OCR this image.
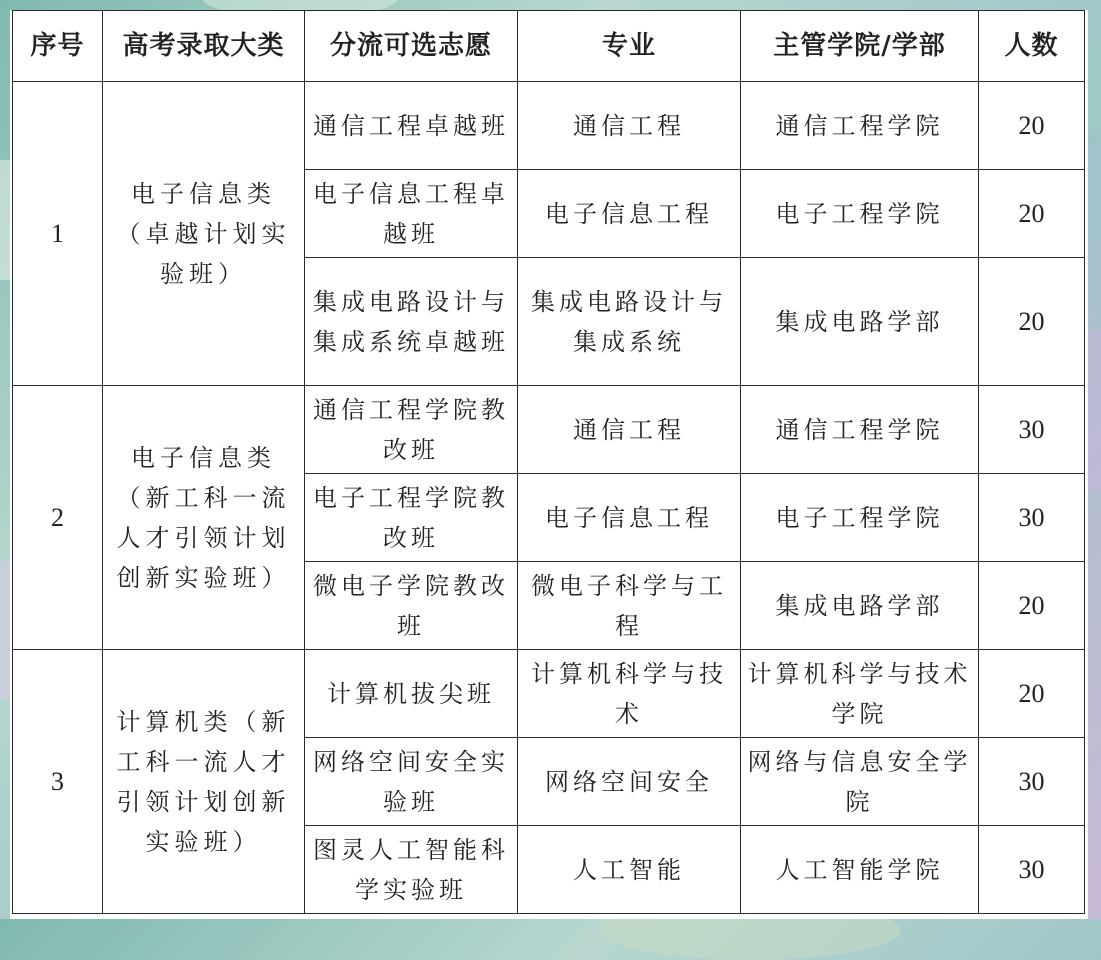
序号	高考录取大类	分流可选志愿	专业	主管学院/学部	人数
1	电子信息类（卓越计划实验班）	通信工程卓越班	通信工程	通信工程学院	20
		电子信息工程卓越班	电子信息工程	电子工程学院	20
		集成电路设计与集成系统卓越班	集成电路设计与集成系统	集成电路学部	20
2	电子信息类（新工科一流人才引领计划创新实验班）	通信工程学院教改班	通信工程	通信工程学院	30
		电子工程学院教改班	电子信息工程	电子工程学院	30
		微电子学院教改班	微电子科学与工程	集成电路学部	20
3	计算机类（新工科一流人才引领计划创新实验班）	计算机拔尖班	计算机科学与技术	计算机科学与技术学院	20
		网络空间安全实验班	网络空间安全	网络与信息安全学院	30
		图灵人工智能科学实验班	人工智能	人工智能学院	30
